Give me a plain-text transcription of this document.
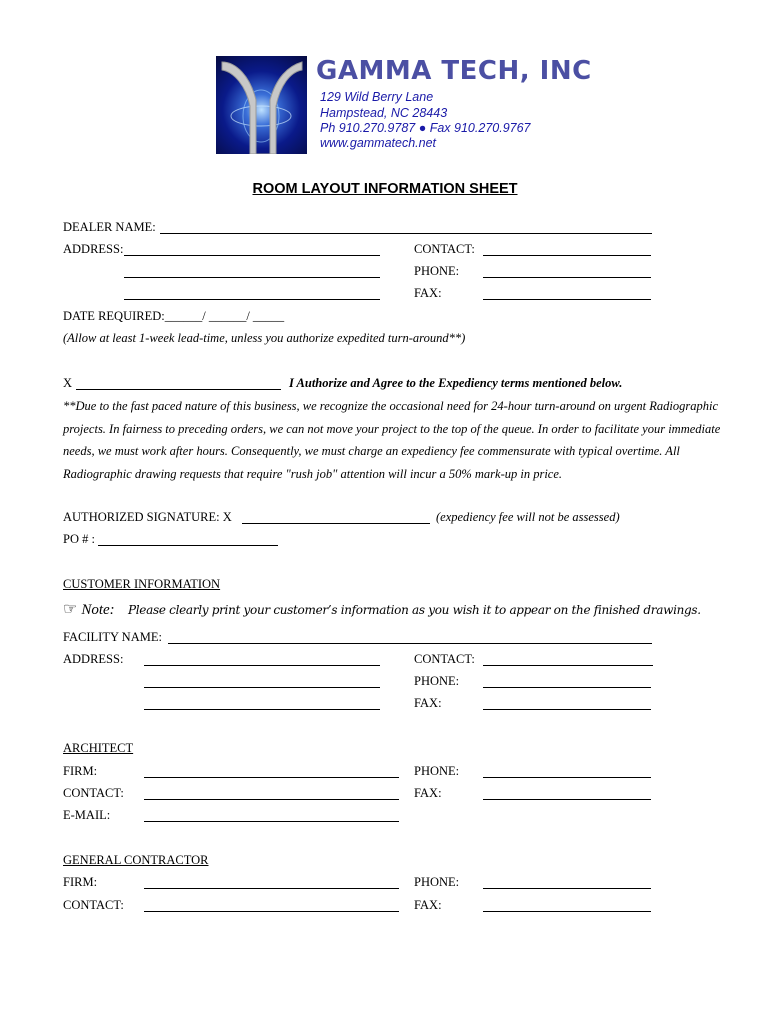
GAMMA TECH, INC
129 Wild Berry Lane
Hampstead, NC 28443
Ph 910.270.9787 ● Fax 910.270.9767
www.gammatech.net
ROOM LAYOUT INFORMATION SHEET
DEALER NAME:
ADDRESS:	CONTACT:
PHONE:
FAX:
DATE REQUIRED:______/ ______/ _____
(Allow at least 1-week lead-time, unless you authorize expedited turn-around**)
X	I Authorize and Agree to the Expediency terms mentioned below.
**Due to the fast paced nature of this business, we recognize the occasional need for 24-hour turn-around on urgent Radiographic projects. In fairness to preceding orders, we can not move your project to the top of the queue. In order to facilitate your immediate needs, we must work after hours. Consequently, we must charge an expediency fee commensurate with typical overtime. All Radiographic drawing requests that require "rush job" attention will incur a 50% mark-up in price.
AUTHORIZED SIGNATURE: X	(expediency fee will not be assessed)
PO # :
CUSTOMER INFORMATION
☞ Note: Please clearly print your customer’s information as you wish it to appear on the finished drawings.
FACILITY NAME:
ADDRESS:	CONTACT:
PHONE:
FAX:
ARCHITECT
FIRM:	PHONE:
CONTACT:	FAX:
E-MAIL:
GENERAL CONTRACTOR
FIRM:	PHONE:
CONTACT:	FAX:
